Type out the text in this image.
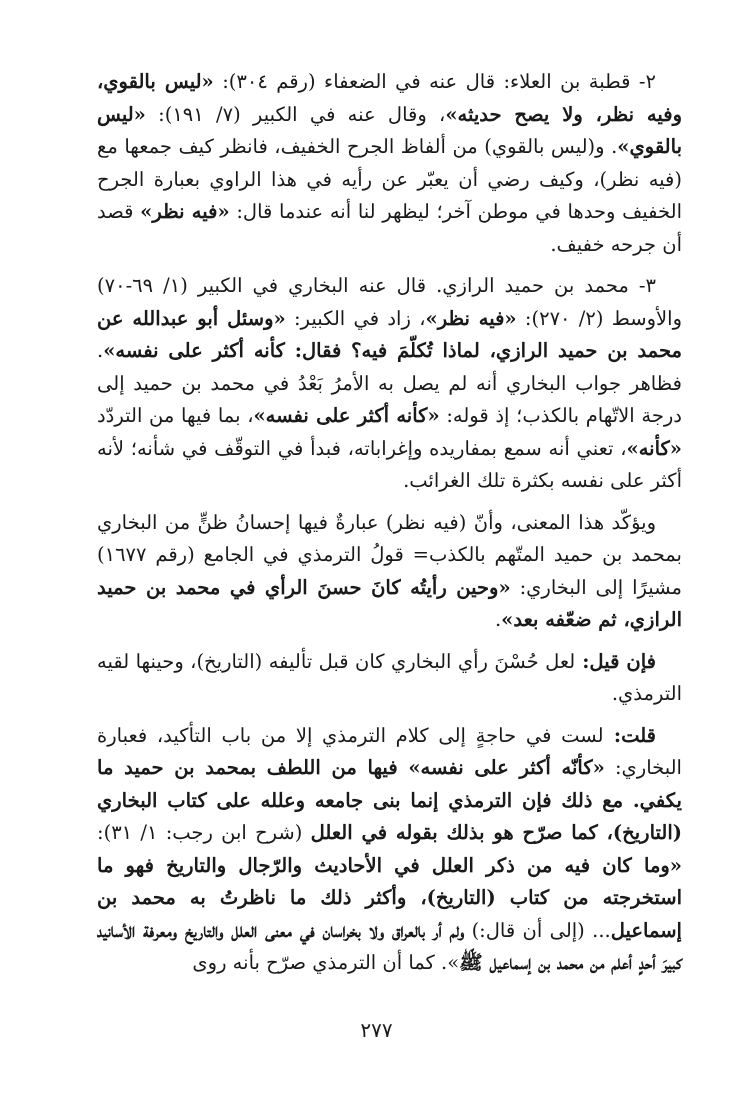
٢- قطبة بن العلاء: قال عنه في الضعفاء (رقم ٣٠٤): «ليس بالقوي، وفيه نظر، ولا يصح حديثه»، وقال عنه في الكبير (٧/ ١٩١): «ليس بالقوي». و(ليس بالقوي) من ألفاظ الجرح الخفيف، فانظر كيف جمعها مع (فيه نظر)، وكيف رضي أن يعبّر عن رأيه في هذا الراوي بعبارة الجرح الخفيف وحدها في موطن آخر؛ ليظهر لنا أنه عندما قال: «فيه نظر» قصد أن جرحه خفيف.

٣- محمد بن حميد الرازي. قال عنه البخاري في الكبير (١/ ٦٩-٧٠) والأوسط (٢/ ٢٧٠): «فيه نظر»، زاد في الكبير: «وسئل أبو عبدالله عن محمد بن حميد الرازي، لماذا تُكلّمَ فيه؟ فقال: كأنه أكثر على نفسه». فظاهر جواب البخاري أنه لم يصل به الأمرُ بَعْدُ في محمد بن حميد إلى درجة الاتّهام بالكذب؛ إذ قوله: «كأنه أكثر على نفسه»، بما فيها من التردّد «كأنه»، تعني أنه سمع بمفاريده وإغراباته، فبدأ في التوقّف في شأنه؛ لأنه أكثر على نفسه بكثرة تلك الغرائب.

ويؤكّد هذا المعنى، وأنّ (فيه نظر) عبارةٌ فيها إحسانُ ظنٍّ من البخاري بمحمد بن حميد المتّهم بالكذب= قولُ الترمذي في الجامع (رقم ١٦٧٧) مشيرًا إلى البخاري: «وحين رأيتُه كانَ حسنَ الرأي في محمد بن حميد الرازي، ثم ضعّفه بعد».

فإن قيل: لعل حُسْنَ رأي البخاري كان قبل تأليفه (التاريخ)، وحينها لقيه الترمذي.

قلت: لست في حاجةٍ إلى كلام الترمذي إلا من باب التأكيد، فعبارة البخاري: «كأنّه أكثر على نفسه» فيها من اللطف بمحمد بن حميد ما يكفي. مع ذلك فإن الترمذي إنما بنى جامعه وعلله على كتاب البخاري (التاريخ)، كما صرّح هو بذلك بقوله في العلل (شرح ابن رجب: ١/ ٣١): «وما كان فيه من ذكر العلل في الأحاديث والرّجال والتاريخ فهو ما استخرجته من كتاب (التاريخ)، وأكثر ذلك ما ناظرتُ به محمد بن إسماعيل... (إلى أن قال:) ولم أر بالعراق ولا بخراسان في معنى العلل والتاريخ ومعرفة الأسانيد كبيرَ أحدٍ أعلم من محمد بن إسماعيل ﷺ». كما أن الترمذي صرّح بأنه روى

٢٧٧
